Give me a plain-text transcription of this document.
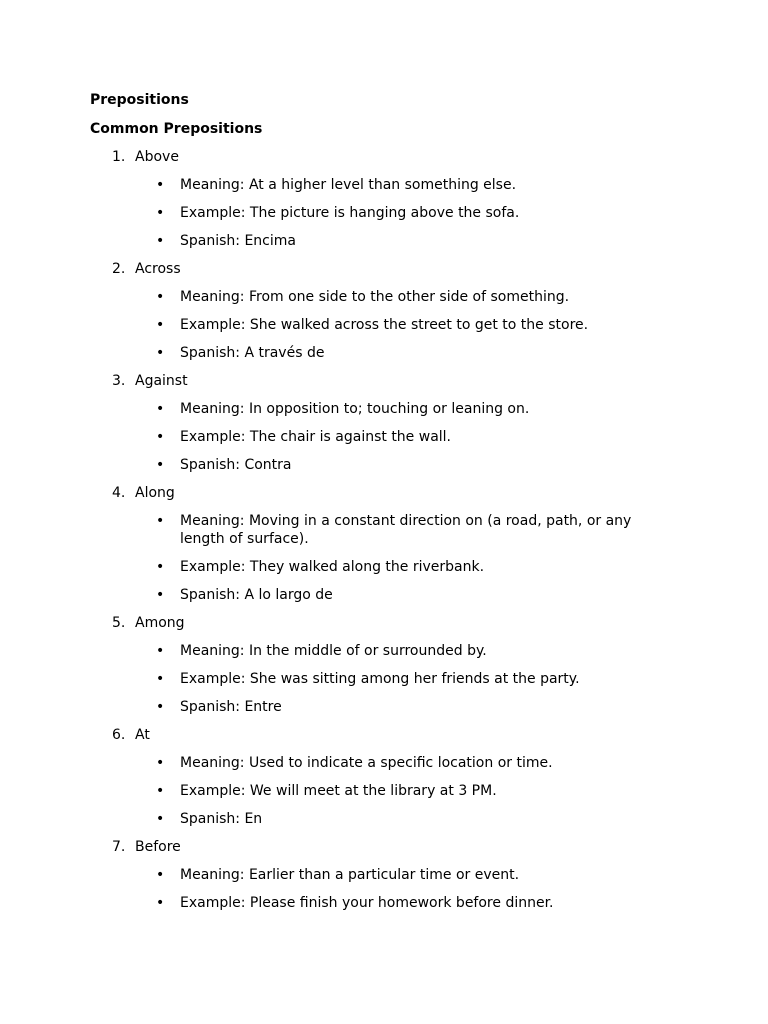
Prepositions
Common Prepositions
1. Above
• Meaning: At a higher level than something else.
• Example: The picture is hanging above the sofa.
• Spanish: Encima
2. Across
• Meaning: From one side to the other side of something.
• Example: She walked across the street to get to the store.
• Spanish: A través de
3. Against
• Meaning: In opposition to; touching or leaning on.
• Example: The chair is against the wall.
• Spanish: Contra
4. Along
• Meaning: Moving in a constant direction on (a road, path, or any length of surface).
• Example: They walked along the riverbank.
• Spanish: A lo largo de
5. Among
• Meaning: In the middle of or surrounded by.
• Example: She was sitting among her friends at the party.
• Spanish: Entre
6. At
• Meaning: Used to indicate a specific location or time.
• Example: We will meet at the library at 3 PM.
• Spanish: En
7. Before
• Meaning: Earlier than a particular time or event.
• Example: Please finish your homework before dinner.
